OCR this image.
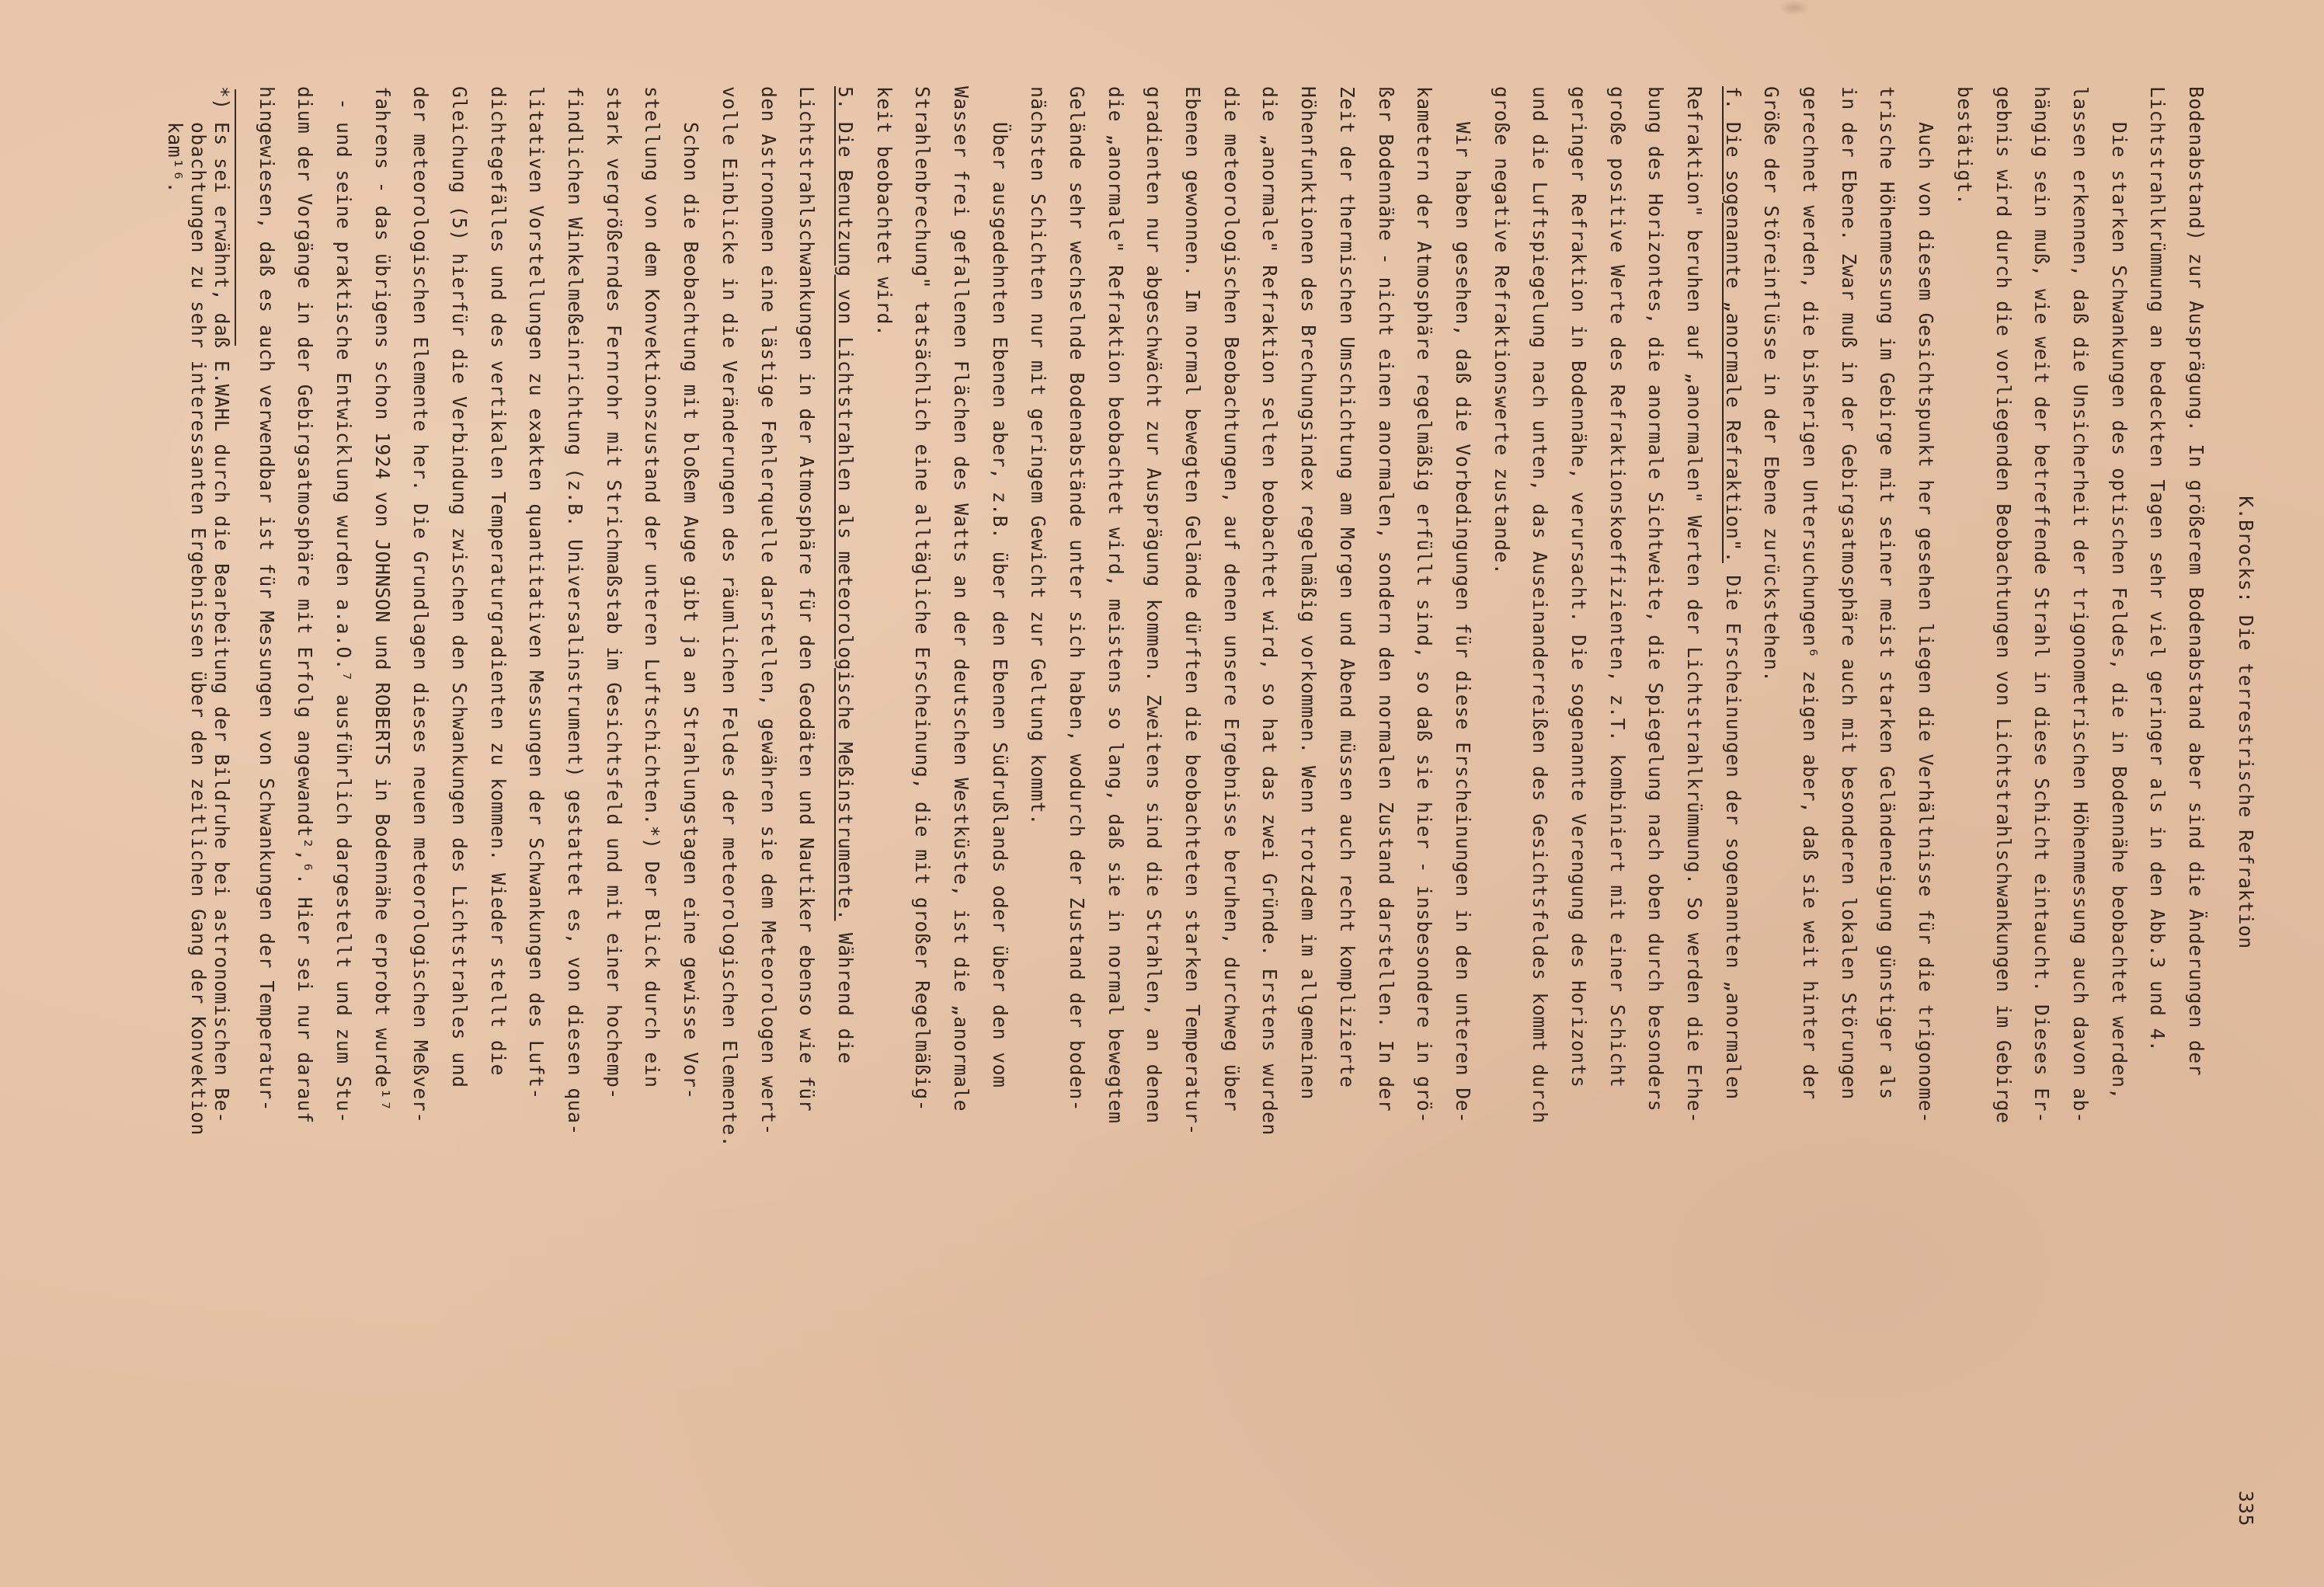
K.Brocks: Die terrestrische Refraktion
335
Bodenabstand) zur Ausprägung. In größerem Bodenabstand aber sind die Änderungen der
Lichtstrahlkrümmung an bedeckten Tagen sehr viel geringer als in den Abb.3 und 4.
Die starken Schwankungen des optischen Feldes, die in Bodennähe beobachtet werden,
lassen erkennen, daß die Unsicherheit der trigonometrischen Höhenmessung auch davon ab-
hängig sein muß, wie weit der betreffende Strahl in diese Schicht eintaucht. Dieses Er-
gebnis wird durch die vorliegenden Beobachtungen von Lichtstrahlschwankungen im Gebirge
bestätigt.
Auch von diesem Gesichtspunkt her gesehen liegen die Verhältnisse für die trigonome-
trische Höhenmessung im Gebirge mit seiner meist starken Geländeneigung günstiger als
in der Ebene. Zwar muß in der Gebirgsatmosphäre auch mit besonderen lokalen Störungen
gerechnet werden, die bisherigen Untersuchungen⁶ zeigen aber, daß sie weit hinter der
Größe der Störeinflüsse in der Ebene zurückstehen.
f. Die sogenannte „anormale Refraktion". Die Erscheinungen der sogenannten „anormalen
Refraktion" beruhen auf „anormalen" Werten der Lichtstrahlkrümmung. So werden die Erhe-
bung des Horizontes, die anormale Sichtweite, die Spiegelung nach oben durch besonders
große positive Werte des Refraktionskoeffizienten, z.T. kombiniert mit einer Schicht
geringer Refraktion in Bodennähe, verursacht. Die sogenannte Verengung des Horizonts
und die Luftspiegelung nach unten, das Auseinanderreißen des Gesichtsfeldes kommt durch
große negative Refraktionswerte zustande.
Wir haben gesehen, daß die Vorbedingungen für diese Erscheinungen in den unteren De-
kametern der Atmosphäre regelmäßig erfüllt sind, so daß sie hier - insbesondere in grö-
ßer Bodennähe - nicht einen anormalen, sondern den normalen Zustand darstellen. In der
Zeit der thermischen Umschichtung am Morgen und Abend müssen auch recht komplizierte
Höhenfunktionen des Brechungsindex regelmäßig vorkommen. Wenn trotzdem im allgemeinen
die „anormale" Refraktion selten beobachtet wird, so hat das zwei Gründe. Erstens wurden
die meteorologischen Beobachtungen, auf denen unsere Ergebnisse beruhen, durchweg über
Ebenen gewonnen. Im normal bewegten Gelände dürften die beobachteten starken Temperatur-
gradienten nur abgeschwächt zur Ausprägung kommen. Zweitens sind die Strahlen, an denen
die „anormale" Refraktion beobachtet wird, meistens so lang, daß sie in normal bewegtem
Gelände sehr wechselnde Bodenabstände unter sich haben, wodurch der Zustand der boden-
nächsten Schichten nur mit geringem Gewicht zur Geltung kommt.
Über ausgedehnten Ebenen aber, z.B. über den Ebenen Südrußlands oder über den vom
Wasser frei gefallenen Flächen des Watts an der deutschen Westküste, ist die „anormale
Strahlenbrechung" tatsächlich eine alltägliche Erscheinung, die mit großer Regelmäßig-
keit beobachtet wird.
5. Die Benutzung von Lichtstrahlen als meteorologische Meßinstrumente. Während die
Lichtstrahlschwankungen in der Atmosphäre für den Geodäten und Nautiker ebenso wie für
den Astronomen eine lästige Fehlerquelle darstellen, gewähren sie dem Meteorologen wert-
volle Einblicke in die Veränderungen des räumlichen Feldes der meteorologischen Elemente.
Schon die Beobachtung mit bloßem Auge gibt ja an Strahlungstagen eine gewisse Vor-
stellung von dem Konvektionszustand der unteren Luftschichten.*) Der Blick durch ein
stark vergrößerndes Fernrohr mit Strichmaßstab im Gesichtsfeld und mit einer hochemp-
findlichen Winkelmeßeinrichtung (z.B. Universalinstrument) gestattet es, von diesen qua-
litativen Vorstellungen zu exakten quantitativen Messungen der Schwankungen des Luft-
dichtegefälles und des vertikalen Temperaturgradienten zu kommen. Wieder stellt die
Gleichung (5) hierfür die Verbindung zwischen den Schwankungen des Lichtstrahles und
der meteorologischen Elemente her. Die Grundlagen dieses neuen meteorologischen Meßver-
fahrens - das übrigens schon 1924 von JOHNSON und ROBERTS in Bodennähe erprobt wurde¹⁷
- und seine praktische Entwicklung wurden a.a.O.⁷ ausführlich dargestellt und zum Stu-
dium der Vorgänge in der Gebirgsatmosphäre mit Erfolg angewandt²,⁶. Hier sei nur darauf
hingewiesen, daß es auch verwendbar ist für Messungen von Schwankungen der Temperatur-
*) Es sei erwähnt, daß E.WAHL durch die Bearbeitung der Bildruhe bei astronomischen Be-
obachtungen zu sehr interessanten Ergebnissen über den zeitlichen Gang der Konvektion
kam¹⁶.
